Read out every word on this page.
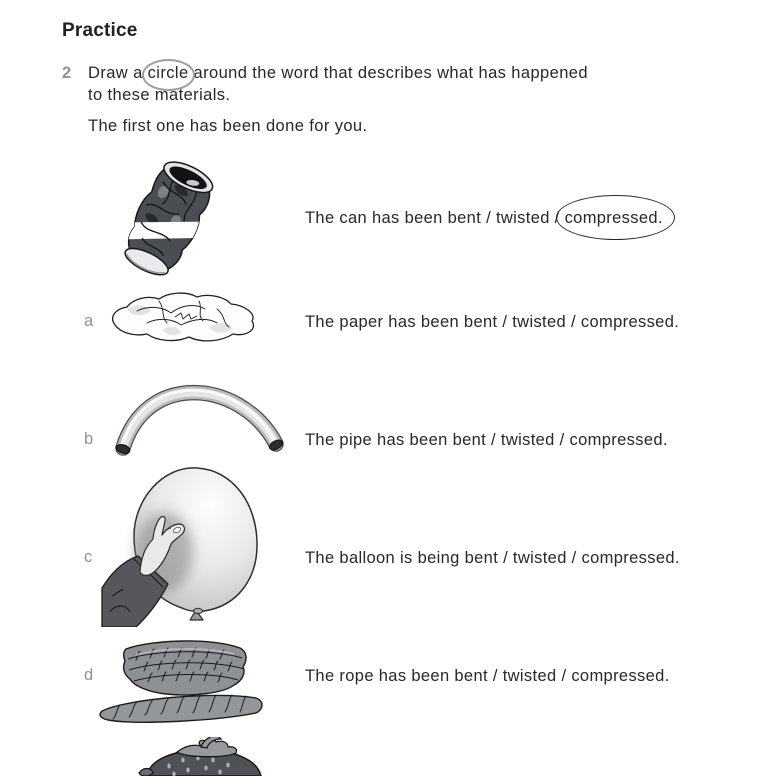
Practice
2 Draw a circle around the word that describes what has happened
to these materials.
The first one has been done for you.
The can has been bent / twisted / compressed.
a	The paper has been bent / twisted / compressed.
b	The pipe has been bent / twisted / compressed.
c	The balloon is being bent / twisted / compressed.
d	The rope has been bent / twisted / compressed.
